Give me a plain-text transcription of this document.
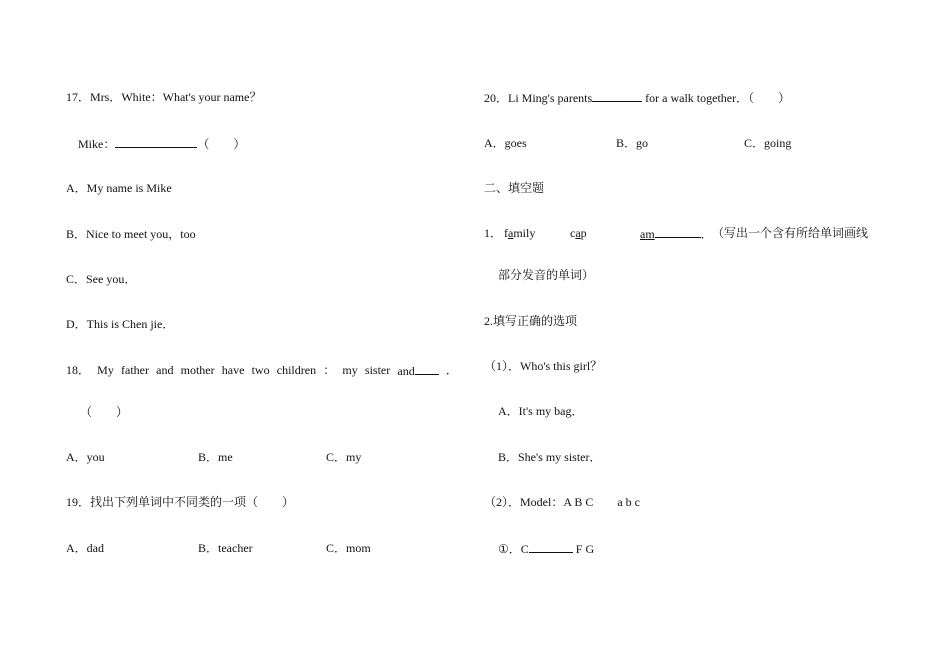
17．Mrs．White：What's your name？
Mike：	（　　）
A．My name is Mike
B．Nice to meet you，too
C．See you．
D．This is Chen jie．
18． My father and mother have two children ： my sister and	．
（　　）
A．you	B．me	C．my
19．找出下列单词中不同类的一项（　　）
A．dad	B．teacher	C．mom
20．Li Ming's parents	for a walk together．（　　）
A．goes	B．go	C．going
二、填空题
1． family	cap	am	． （写出一个含有所给单词画线
部分发音的单词）
2.填写正确的选项
（1）．Who's this girl？
A．It's my bag．
B．She's my sister．
（2）．Model：A B C　　a b c
①．C	F G
